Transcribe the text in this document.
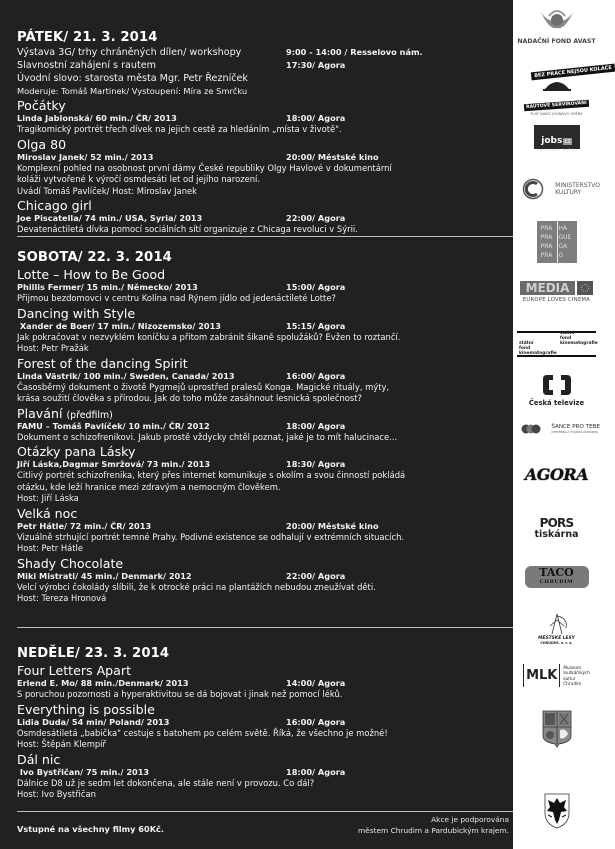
PÁTEK/ 21. 3. 2014
Výstava 3G/ trhy chráněných dílen/ workshopy	9:00 - 14:00 / Resselovo nám.
Slavnostní zahájení s rautem	17:30/ Agora
Úvodní slovo: starosta města Mgr. Petr Řezníček
Moderuje: Tomáš Martinek/ Vystoupení: Míra ze Smrčku
Počátky
Linda Jablonská/ 60 min./ ČR/ 2013	18:00/ Agora
Tragikomický portrét třech dívek na jejich cestě za hledáním „místa v životě".
Olga 80
Miroslav Janek/ 52 min./ 2013	20:00/ Městské kino
Komplexní pohled na osobnost první dámy České republiky Olgy Havlové v dokumentární
koláži vytvořené k výročí osmdesáti let od jejího narození.
Uvádí Tomáš Pavlíček/ Host: Miroslav Janek
Chicago girl
Joe Piscatella/ 74 min./ USA, Syria/ 2013	22:00/ Agora
Devatenáctiletá dívka pomocí sociálních sítí organizuje z Chicaga revoluci v Sýrii.
SOBOTA/ 22. 3. 2014
Lotte – How to Be Good
Phillis Fermer/ 15 min./ Německo/ 2013	15:00/ Agora
Přijmou bezdomovci v centru Kolína nad Rýnem jídlo od jedenáctileté Lotte?
Dancing with Style
Xander de Boer/ 17 min./ Nizozemsko/ 2013	15:15/ Agora
Jak pokračovat v nezvyklém koníčku a přitom zabránit šikaně spolužáků? Evžen to roztančí.
Host: Petr Pražák
Forest of the dancing Spirit
Linda Västrik/ 100 min./ Sweden, Canada/ 2013	16:00/ Agora
Časosběrný dokument o životě Pygmejů uprostřed pralesů Konga. Magické rituály, mýty,
krása soužití člověka s přírodou. Jak do toho může zasáhnout lesnická společnost?
Plavání (předfilm)
FAMU – Tomáš Pavlíček/ 10 min./ ČR/ 2012	18:00/ Agora
Dokument o schizofrenikovi. Jakub prostě vždycky chtěl poznat, jaké je to mít halucinace...
Otázky pana Lásky
Jiří Láska,Dagmar Smržová/ 73 min./ 2013	18:30/ Agora
Citlivý portrét schizofrenika, který přes internet komunikuje s okolím a svou činností pokládá
otázku, kde leží hranice mezi zdravým a nemocným člověkem.
Host: Jiří Láska
Velká noc
Petr Hátle/ 72 min./ ČR/ 2013	20:00/ Městské kino
Vizuálně strhující portrét temné Prahy. Podivné existence se odhalují v extrémních situacích.
Host: Petr Hátle
Shady Chocolate
Miki Mistrati/ 45 min./ Denmark/ 2012	22:00/ Agora
Velcí výrobci čokolády slíbili, že k otrocké práci na plantážích nebudou zneužívat děti.
Host: Tereza Hronová
NEDĚLE/ 23. 3. 2014
Four Letters Apart
Erlend E. Mo/ 88 min./Denmark/ 2013	14:00/ Agora
S poruchou pozornosti a hyperaktivitou se dá bojovat i jinak než pomocí léků.
Everything is possible
Lidia Duda/ 54 min/ Poland/ 2013	16:00/ Agora
Osmdesátiletá „babička" cestuje s batohem po celém světě. Říká, že všechno je možné!
Host: Štěpán Klempíř
Dál nic
Ivo Bystřičan/ 75 min./ 2013	18:00/ Agora
Dálnice D8 už je sedm let dokončena, ale stále není v provozu. Co dál?
Host: Ivo Bystřičan
Vstupné na všechny filmy 60Kč.
Akce je podporována
městem Chrudim a Pardubickým krajem.
NADAČNÍ FOND AVAST
BEZ PRÁCE NEJSOU KOLÁČE
RAUTOVÉ SERVÍROVÁNÍ
PLAT NAVÍC JOHNOVO ZVĚŘE
jobs cz
inspirujeme k úspěchu
MINISTERSTVO
KULTURY
PRA	HA
PRA	GUE
PRA	GA
PRA	G
MEDIA
EUROPE LOVES CINEMA
státní
fond
kinematografie
státní
fond
kinematografie
Česká televize
ŠANCE PRO TEBE
OTEVŘENÁ A TVOŘIVÁ KOMUNITA
AGORA
PORS
tiskárna
TACO
CHRUDIM
MĚSTSKÉ LESY
CHRUDIM, s. r. o.
MLK
Muzeum
loutkářských
kultur
Chrudim
